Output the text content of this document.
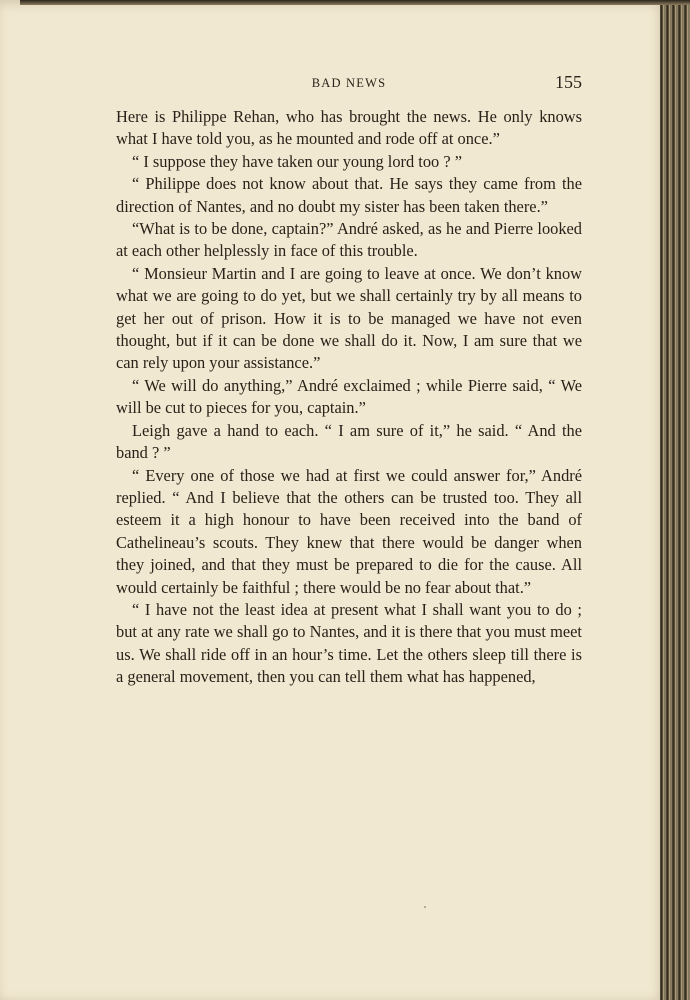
BAD NEWS	155

Here is Philippe Rehan, who has brought the news. He only knows what I have told you, as he mounted and rode off at once.”

“ I suppose they have taken our young lord too ? ”

“ Philippe does not know about that. He says they came from the direction of Nantes, and no doubt my sister has been taken there.”

“What is to be done, captain?” André asked, as he and Pierre looked at each other helplessly in face of this trouble.

“ Monsieur Martin and I are going to leave at once. We don’t know what we are going to do yet, but we shall certainly try by all means to get her out of prison. How it is to be managed we have not even thought, but if it can be done we shall do it. Now, I am sure that we can rely upon your assistance.”

“ We will do anything,” André exclaimed ; while Pierre said, “ We will be cut to pieces for you, captain.”

Leigh gave a hand to each. “ I am sure of it,” he said. “ And the band ? ”

“ Every one of those we had at first we could answer for,” André replied. “ And I believe that the others can be trusted too. They all esteem it a high honour to have been received into the band of Cathelineau’s scouts. They knew that there would be danger when they joined, and that they must be prepared to die for the cause. All would certainly be faithful ; there would be no fear about that.”

“ I have not the least idea at present what I shall want you to do ; but at any rate we shall go to Nantes, and it is there that you must meet us. We shall ride off in an hour’s time. Let the others sleep till there is a general movement, then you can tell them what has happened,
